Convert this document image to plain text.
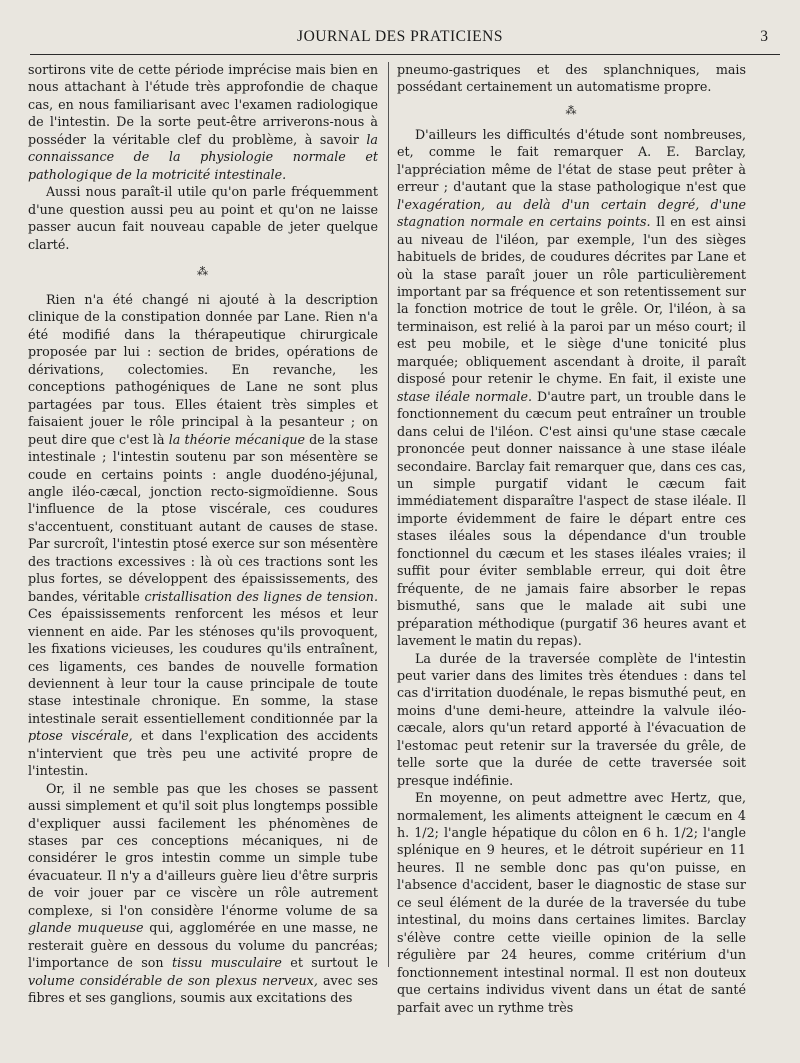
JOURNAL DES PRATICIENS	3

sortirons vite de cette période imprécise mais bien en nous attachant à l'étude très approfondie de chaque cas, en nous familiarisant avec l'examen radiologique de l'intestin. De la sorte peut-être arriverons-nous à posséder la véritable clef du problème, à savoir la connaissance de la physiologie normale et pathologique de la motricité intestinale.

Aussi nous paraît-il utile qu'on parle fréquemment d'une question aussi peu au point et qu'on ne laisse passer aucun fait nouveau capable de jeter quelque clarté.

⁂

Rien n'a été changé ni ajouté à la description clinique de la constipation donnée par Lane. Rien n'a été modifié dans la thérapeutique chirurgicale proposée par lui : section de brides, opérations de dérivations, colectomies. En revanche, les conceptions pathogéniques de Lane ne sont plus partagées par tous. Elles étaient très simples et faisaient jouer le rôle principal à la pesanteur ; on peut dire que c'est là la théorie mécanique de la stase intestinale ; l'intestin soutenu par son mésentère se coude en certains points : angle duodéno-jéjunal, angle iléo-cæcal, jonction recto-sigmoïdienne. Sous l'influence de la ptose viscérale, ces coudures s'accentuent, constituant autant de causes de stase. Par surcroît, l'intestin ptosé exerce sur son mésentère des tractions excessives : là où ces tractions sont les plus fortes, se développent des épaississements, des bandes, véritable cristallisation des lignes de tension. Ces épaississements renforcent les mésos et leur viennent en aide. Par les sténoses qu'ils provoquent, les fixations vicieuses, les coudures qu'ils entraînent, ces ligaments, ces bandes de nouvelle formation deviennent à leur tour la cause principale de toute stase intestinale chronique. En somme, la stase intestinale serait essentiellement conditionnée par la ptose viscérale, et dans l'explication des accidents n'intervient que très peu une activité propre de l'intestin.

Or, il ne semble pas que les choses se passent aussi simplement et qu'il soit plus longtemps possible d'expliquer aussi facilement les phénomènes de stases par ces conceptions mécaniques, ni de considérer le gros intestin comme un simple tube évacuateur. Il n'y a d'ailleurs guère lieu d'être surpris de voir jouer par ce viscère un rôle autrement complexe, si l'on considère l'énorme volume de sa glande muqueuse qui, agglomérée en une masse, ne resterait guère en dessous du volume du pancréas; l'importance de son tissu musculaire et surtout le volume considérable de son plexus nerveux, avec ses fibres et ses ganglions, soumis aux excitations des

pneumo-gastriques et des splanchniques, mais possédant certainement un automatisme propre.

⁂

D'ailleurs les difficultés d'étude sont nombreuses, et, comme le fait remarquer A. E. Barclay, l'appréciation même de l'état de stase peut prêter à erreur ; d'autant que la stase pathologique n'est que l'exagération, au delà d'un certain degré, d'une stagnation normale en certains points. Il en est ainsi au niveau de l'iléon, par exemple, l'un des sièges habituels de brides, de coudures décrites par Lane et où la stase paraît jouer un rôle particulièrement important par sa fréquence et son retentissement sur la fonction motrice de tout le grêle. Or, l'iléon, à sa terminaison, est relié à la paroi par un méso court; il est peu mobile, et le siège d'une tonicité plus marquée; obliquement ascendant à droite, il paraît disposé pour retenir le chyme. En fait, il existe une stase iléale normale. D'autre part, un trouble dans le fonctionnement du cæcum peut entraîner un trouble dans celui de l'iléon. C'est ainsi qu'une stase cæcale prononcée peut donner naissance à une stase iléale secondaire. Barclay fait remarquer que, dans ces cas, un simple purgatif vidant le cæcum fait immédiatement disparaître l'aspect de stase iléale. Il importe évidemment de faire le départ entre ces stases iléales sous la dépendance d'un trouble fonctionnel du cæcum et les stases iléales vraies; il suffit pour éviter semblable erreur, qui doit être fréquente, de ne jamais faire absorber le repas bismuthé, sans que le malade ait subi une préparation méthodique (purgatif 36 heures avant et lavement le matin du repas).

La durée de la traversée complète de l'intestin peut varier dans des limites très étendues : dans tel cas d'irritation duodénale, le repas bismuthé peut, en moins d'une demi-heure, atteindre la valvule iléo-cæcale, alors qu'un retard apporté à l'évacuation de l'estomac peut retenir sur la traversée du grêle, de telle sorte que la durée de cette traversée soit presque indéfinie.

En moyenne, on peut admettre avec Hertz, que, normalement, les aliments atteignent le cæcum en 4 h. 1/2; l'angle hépatique du côlon en 6 h. 1/2; l'angle splénique en 9 heures, et le détroit supérieur en 11 heures. Il ne semble donc pas qu'on puisse, en l'absence d'accident, baser le diagnostic de stase sur ce seul élément de la durée de la traversée du tube intestinal, du moins dans certaines limites. Barclay s'élève contre cette vieille opinion de la selle régulière par 24 heures, comme critérium d'un fonctionnement intestinal normal. Il est non douteux que certains individus vivent dans un état de santé parfait avec un rythme très
